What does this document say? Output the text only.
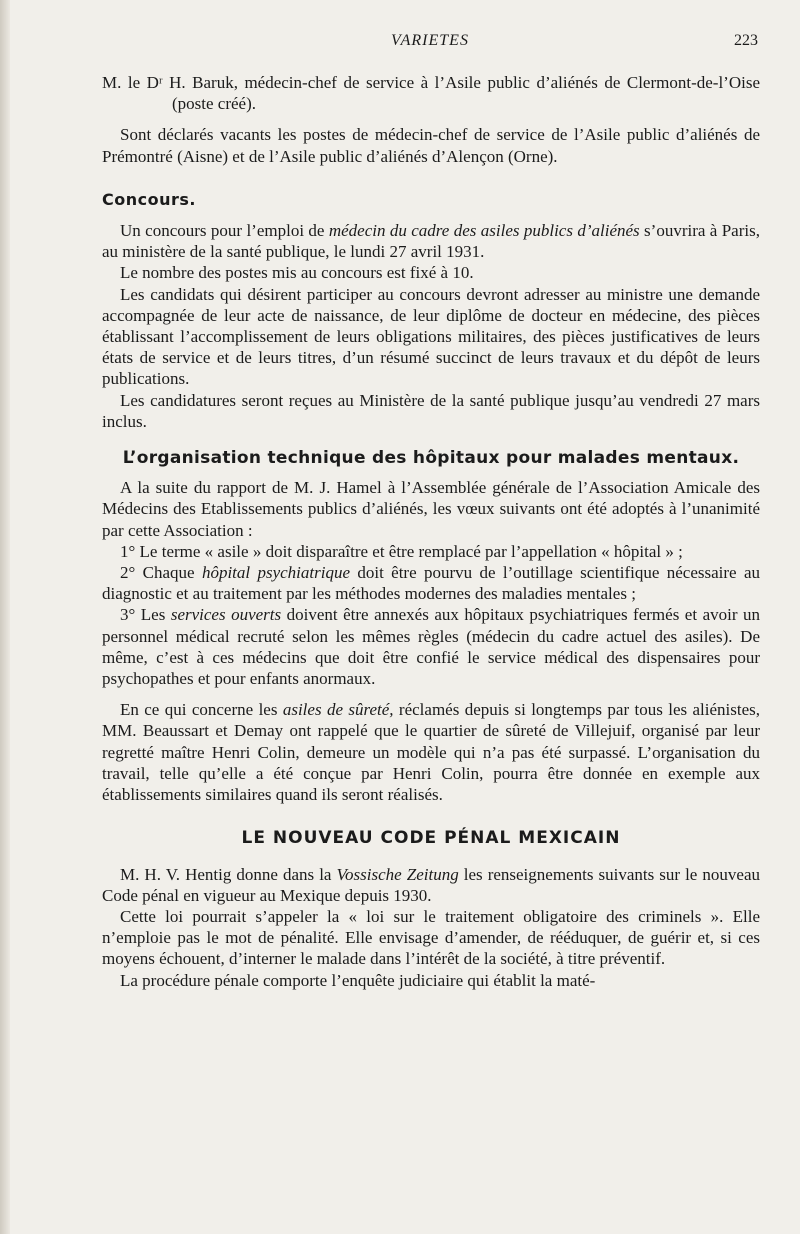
VARIETES	223

M. le Dʳ H. Baruk, médecin-chef de service à l’Asile public d’aliénés de Clermont-de-l’Oise (poste créé).

Sont déclarés vacants les postes de médecin-chef de service de l’Asile public d’aliénés de Prémontré (Aisne) et de l’Asile public d’aliénés d’Alençon (Orne).

Concours.

Un concours pour l’emploi de médecin du cadre des asiles publics d’aliénés s’ouvrira à Paris, au ministère de la santé publique, le lundi 27 avril 1931.

Le nombre des postes mis au concours est fixé à 10.

Les candidats qui désirent participer au concours devront adresser au ministre une demande accompagnée de leur acte de naissance, de leur diplôme de docteur en médecine, des pièces établissant l’accomplissement de leurs obligations militaires, des pièces justificatives de leurs états de service et de leurs titres, d’un résumé succinct de leurs travaux et du dépôt de leurs publications.

Les candidatures seront reçues au Ministère de la santé publique jusqu’au vendredi 27 mars inclus.

L’organisation technique des hôpitaux pour malades mentaux.

A la suite du rapport de M. J. Hamel à l’Assemblée générale de l’Association Amicale des Médecins des Etablissements publics d’aliénés, les vœux suivants ont été adoptés à l’unanimité par cette Association :

1° Le terme « asile » doit disparaître et être remplacé par l’appellation « hôpital » ;

2° Chaque hôpital psychiatrique doit être pourvu de l’outillage scientifique nécessaire au diagnostic et au traitement par les méthodes modernes des maladies mentales ;

3° Les services ouverts doivent être annexés aux hôpitaux psychiatriques fermés et avoir un personnel médical recruté selon les mêmes règles (médecin du cadre actuel des asiles). De même, c’est à ces médecins que doit être confié le service médical des dispensaires pour psychopathes et pour enfants anormaux.

En ce qui concerne les asiles de sûreté, réclamés depuis si longtemps par tous les aliénistes, MM. Beaussart et Demay ont rappelé que le quartier de sûreté de Villejuif, organisé par leur regretté maître Henri Colin, demeure un modèle qui n’a pas été surpassé. L’organisation du travail, telle qu’elle a été conçue par Henri Colin, pourra être donnée en exemple aux établissements similaires quand ils seront réalisés.

LE NOUVEAU CODE PÉNAL MEXICAIN

M. H. V. Hentig donne dans la Vossische Zeitung les renseignements suivants sur le nouveau Code pénal en vigueur au Mexique depuis 1930.

Cette loi pourrait s’appeler la « loi sur le traitement obligatoire des criminels ». Elle n’emploie pas le mot de pénalité. Elle envisage d’amender, de rééduquer, de guérir et, si ces moyens échouent, d’interner le malade dans l’intérêt de la société, à titre préventif.

La procédure pénale comporte l’enquête judiciaire qui établit la maté-
